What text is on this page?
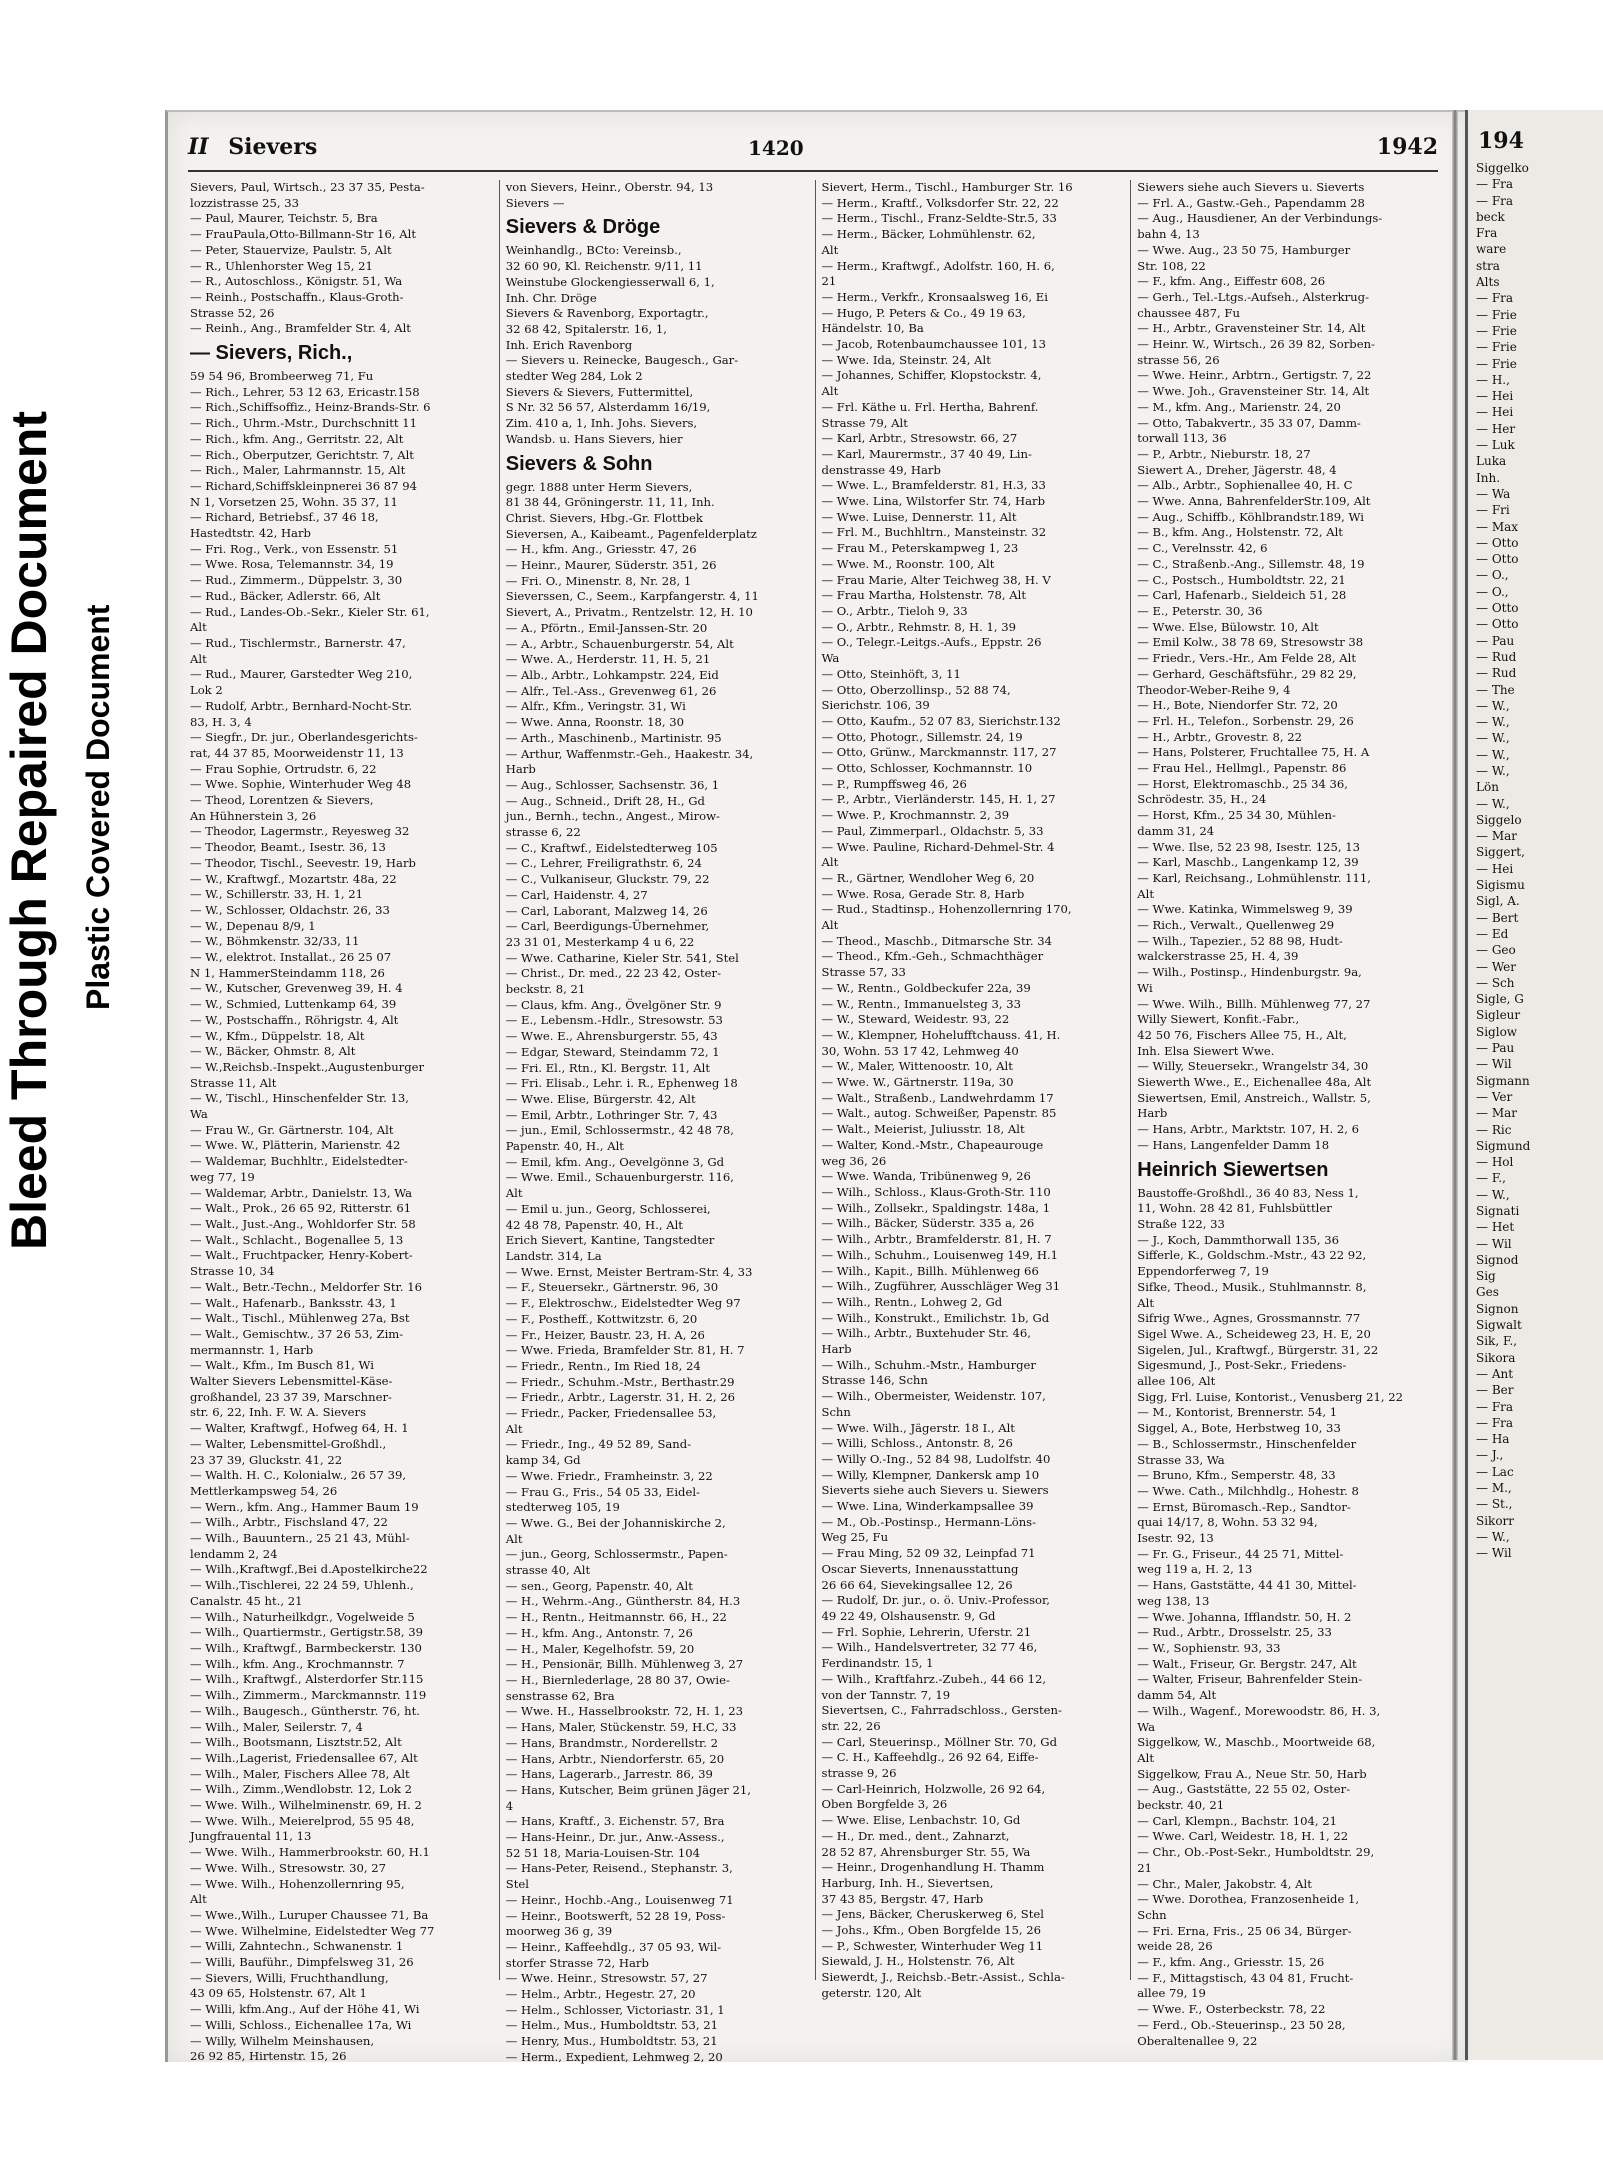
Bleed Through Repaired Document Plastic Covered Document
II Sievers	1420	1942
Sievers, Paul, Wirtsch., 23 37 35, Pesta-
lozzistrasse 25, 33
— Paul, Maurer, Teichstr. 5, Bra
— FrauPaula,Otto-Billmann-Str 16, Alt
— Peter, Stauervize, Paulstr. 5, Alt
— R., Uhlenhorster Weg 15, 21
— R., Autoschloss., Königstr. 51, Wa
— Reinh., Postschaffn., Klaus-Groth-
Strasse 52, 26
— Reinh., Ang., Bramfelder Str. 4, Alt
— Sievers, Rich.,
59 54 96, Brombeerweg 71, Fu
— Rich., Lehrer, 53 12 63, Ericastr.158
— Rich.,Schiffsoffiz., Heinz-Brands-Str. 6
— Rich., Uhrm.-Mstr., Durchschnitt 11
— Rich., kfm. Ang., Gerritstr. 22, Alt
— Rich., Oberputzer, Gerichtstr. 7, Alt
— Rich., Maler, Lahrmannstr. 15, Alt
— Richard,Schiffskleinpnerei 36 87 94
N 1, Vorsetzen 25, Wohn. 35 37, 11
— Richard, Betriebsf., 37 46 18,
Hastedtstr. 42, Harb
— Fri. Rog., Verk., von Essenstr. 51
— Wwe. Rosa, Telemannstr. 34, 19
— Rud., Zimmerm., Düppelstr. 3, 30
— Rud., Bäcker, Adlerstr. 66, Alt
— Rud., Landes-Ob.-Sekr., Kieler Str. 61,
Alt
— Rud., Tischlermstr., Barnerstr. 47,
Alt
— Rud., Maurer, Garstedter Weg 210,
Lok 2
— Rudolf, Arbtr., Bernhard-Nocht-Str.
83, H. 3, 4
— Siegfr., Dr. jur., Oberlandesgerichts-
rat, 44 37 85, Moorweidenstr 11, 13
— Frau Sophie, Ortrudstr. 6, 22
— Wwe. Sophie, Winterhuder Weg 48
— Theod, Lorentzen & Sievers,
An Hühnerstein 3, 26
— Theodor, Lagermstr., Reyesweg 32
— Theodor, Beamt., Isestr. 36, 13
— Theodor, Tischl., Seevestr. 19, Harb
— W., Kraftwgf., Mozartstr. 48a, 22
— W., Schillerstr. 33, H. 1, 21
— W., Schlosser, Oldachstr. 26, 33
— W., Depenau 8/9, 1
— W., Böhmkenstr. 32/33, 11
— W., elektrot. Installat., 26 25 07
N 1, HammerSteindamm 118, 26
— W., Kutscher, Grevenweg 39, H. 4
— W., Schmied, Luttenkamp 64, 39
— W., Postschaffn., Röhrigstr. 4, Alt
— W., Kfm., Düppelstr. 18, Alt
— W., Bäcker, Ohmstr. 8, Alt
— W.,Reichsb.-Inspekt.,Augustenburger
Strasse 11, Alt
— W., Tischl., Hinschenfelder Str. 13,
Wa
— Frau W., Gr. Gärtnerstr. 104, Alt
— Wwe. W., Plätterin, Marienstr. 42
— Waldemar, Buchhltr., Eidelstedter-
weg 77, 19
— Waldemar, Arbtr., Danielstr. 13, Wa
— Walt., Prok., 26 65 92, Ritterstr. 61
— Walt., Just.-Ang., Wohldorfer Str. 58
— Walt., Schlacht., Bogenallee 5, 13
— Walt., Fruchtpacker, Henry-Kobert-
Strasse 10, 34
— Walt., Betr.-Techn., Meldorfer Str. 16
— Walt., Hafenarb., Banksstr. 43, 1
— Walt., Tischl., Mühlenweg 27a, Bst
— Walt., Gemischtw., 37 26 53, Zim-
mermannstr. 1, Harb
— Walt., Kfm., Im Busch 81, Wi
Walter Sievers Lebensmittel-Käse-
großhandel, 23 37 39, Marschner-
str. 6, 22, Inh. F. W. A. Sievers
— Walter, Kraftwgf., Hofweg 64, H. 1
— Walter, Lebensmittel-Großhdl.,
23 37 39, Gluckstr. 41, 22
— Walth. H. C., Kolonialw., 26 57 39,
Mettlerkampsweg 54, 26
— Wern., kfm. Ang., Hammer Baum 19
— Wilh., Arbtr., Fischsland 47, 22
— Wilh., Bauuntern., 25 21 43, Mühl-
lendamm 2, 24
— Wilh.,Kraftwgf.,Bei d.Apostelkirche22
— Wilh.,Tischlerei, 22 24 59, Uhlenh.,
Canalstr. 45 ht., 21
— Wilh., Naturheilkdgr., Vogelweide 5
— Wilh., Quartiermstr., Gertigstr.58, 39
— Wilh., Kraftwgf., Barmbeckerstr. 130
— Wilh., kfm. Ang., Krochmannstr. 7
— Wilh., Kraftwgf., Alsterdorfer Str.115
— Wilh., Zimmerm., Marckmannstr. 119
— Wilh., Baugesch., Güntherstr. 76, ht.
— Wilh., Maler, Seilerstr. 7, 4
— Wilh., Bootsmann, Lisztstr.52, Alt
— Wilh.,Lagerist, Friedensallee 67, Alt
— Wilh., Maler, Fischers Allee 78, Alt
— Wilh., Zimm.,Wendlobstr. 12, Lok 2
— Wwe. Wilh., Wilhelminenstr. 69, H. 2
— Wwe. Wilh., Meierelprod, 55 95 48,
Jungfrauental 11, 13
— Wwe. Wilh., Hammerbrookstr. 60, H.1
— Wwe. Wilh., Stresowstr. 30, 27
— Wwe. Wilh., Hohenzollernring 95,
Alt
— Wwe.,Wilh., Luruper Chaussee 71, Ba
— Wwe. Wilhelmine, Eidelstedter Weg 77
— Willi, Zahntechn., Schwanenstr. 1
— Willi, Bauführ., Dimpfelsweg 31, 26
— Sievers, Willi, Fruchthandlung,
43 09 65, Holstenstr. 67, Alt 1
— Willi, kfm.Ang., Auf der Höhe 41, Wi
— Willi, Schloss., Eichenallee 17a, Wi
— Willy, Wilhelm Meinshausen,
26 92 85, Hirtenstr. 15, 26
von Sievers, Heinr., Oberstr. 94, 13
Sievers —
Sievers & Dröge
Weinhandlg., BCto: Vereinsb.,
32 60 90, Kl. Reichenstr. 9/11, 11
Weinstube Glockengiesserwall 6, 1,
Inh. Chr. Dröge
Sievers & Ravenborg, Exportagtr.,
32 68 42, Spitalerstr. 16, 1,
Inh. Erich Ravenborg
— Sievers u. Reinecke, Baugesch., Gar-
stedter Weg 284, Lok 2
Sievers & Sievers, Futtermittel,
S Nr. 32 56 57, Alsterdamm 16/19,
Zim. 410 a, 1, Inh. Johs. Sievers,
Wandsb. u. Hans Sievers, hier
Sievers & Sohn
gegr. 1888 unter Herm Sievers,
81 38 44, Gröningerstr. 11, 11, Inh.
Christ. Sievers, Hbg.-Gr. Flottbek
Sieversen, A., Kaibeamt., Pagenfelderplatz
— H., kfm. Ang., Griesstr. 47, 26
— Heinr., Maurer, Süderstr. 351, 26
— Fri. O., Minenstr. 8, Nr. 28, 1
Sieverssen, C., Seem., Karpfangerstr. 4, 11
Sievert, A., Privatm., Rentzelstr. 12, H. 10
— A., Pförtn., Emil-Janssen-Str. 20
— A., Arbtr., Schauenburgerstr. 54, Alt
— Wwe. A., Herderstr. 11, H. 5, 21
— Alb., Arbtr., Lohkampstr. 224, Eid
— Alfr., Tel.-Ass., Grevenweg 61, 26
— Alfr., Kfm., Veringstr. 31, Wi
— Wwe. Anna, Roonstr. 18, 30
— Arth., Maschinenb., Martinistr. 95
— Arthur, Waffenmstr.-Geh., Haakestr. 34,
Harb
— Aug., Schlosser, Sachsenstr. 36, 1
— Aug., Schneid., Drift 28, H., Gd
jun., Bernh., techn., Angest., Mirow-
strasse 6, 22
— C., Kraftwf., Eidelstedterweg 105
— C., Lehrer, Freiligrathstr. 6, 24
— C., Vulkaniseur, Gluckstr. 79, 22
— Carl, Haidenstr. 4, 27
— Carl, Laborant, Malzweg 14, 26
— Carl, Beerdigungs-Übernehmer,
23 31 01, Mesterkamp 4 u 6, 22
— Wwe. Catharine, Kieler Str. 541, Stel
— Christ., Dr. med., 22 23 42, Oster-
beckstr. 8, 21
— Claus, kfm. Ang., Övelgöner Str. 9
— E., Lebensm.-Hdlr., Stresowstr. 53
— Wwe. E., Ahrensburgerstr. 55, 43
— Edgar, Steward, Steindamm 72, 1
— Fri. El., Rtn., Kl. Bergstr. 11, Alt
— Fri. Elisab., Lehr. i. R., Ephenweg 18
— Wwe. Elise, Bürgerstr. 42, Alt
— Emil, Arbtr., Lothringer Str. 7, 43
— jun., Emil, Schlossermstr., 42 48 78,
Papenstr. 40, H., Alt
— Emil, kfm. Ang., Oevelgönne 3, Gd
— Wwe. Emil., Schauenburgerstr. 116,
Alt
— Emil u. jun., Georg, Schlosserei,
42 48 78, Papenstr. 40, H., Alt
Erich Sievert, Kantine, Tangstedter
Landstr. 314, La
— Wwe. Ernst, Meister Bertram-Str. 4, 33
— F., Steuersekr., Gärtnerstr. 96, 30
— F., Elektroschw., Eidelstedter Weg 97
— F., Postheff., Kottwitzstr. 6, 20
— Fr., Heizer, Baustr. 23, H. A, 26
— Wwe. Frieda, Bramfelder Str. 81, H. 7
— Friedr., Rentn., Im Ried 18, 24
— Friedr., Schuhm.-Mstr., Berthastr.29
— Friedr., Arbtr., Lagerstr. 31, H. 2, 26
— Friedr., Packer, Friedensallee 53,
Alt
— Friedr., Ing., 49 52 89, Sand-
kamp 34, Gd
— Wwe. Friedr., Framheinstr. 3, 22
— Frau G., Fris., 54 05 33, Eidel-
stedterweg 105, 19
— Wwe. G., Bei der Johanniskirche 2,
Alt
— jun., Georg, Schlossermstr., Papen-
strasse 40, Alt
— sen., Georg, Papenstr. 40, Alt
— H., Wehrm.-Ang., Güntherstr. 84, H.3
— H., Rentn., Heitmannstr. 66, H., 22
— H., kfm. Ang., Antonstr. 7, 26
— H., Maler, Kegelhofstr. 59, 20
— H., Pensionär, Billh. Mühlenweg 3, 27
— H., Biernlederlage, 28 80 37, Owie-
senstrasse 62, Bra
— Wwe. H., Hasselbrookstr. 72, H. 1, 23
— Hans, Maler, Stückenstr. 59, H.C, 33
— Hans, Brandmstr., Norderellstr. 2
— Hans, Arbtr., Niendorferstr. 65, 20
— Hans, Lagerarb., Jarrestr. 86, 39
— Hans, Kutscher, Beim grünen Jäger 21,
4
— Hans, Kraftf., 3. Eichenstr. 57, Bra
— Hans-Heinr., Dr. jur., Anw.-Assess.,
52 51 18, Maria-Louisen-Str. 104
— Hans-Peter, Reisend., Stephanstr. 3,
Stel
— Heinr., Hochb.-Ang., Louisenweg 71
— Heinr., Bootswerft, 52 28 19, Poss-
moorweg 36 g, 39
— Heinr., Kaffeehdlg., 37 05 93, Wil-
storfer Strasse 72, Harb
— Wwe. Heinr., Stresowstr. 57, 27
— Helm., Arbtr., Hegestr. 27, 20
— Helm., Schlosser, Victoriastr. 31, 1
— Helm., Mus., Humboldtstr. 53, 21
— Henry, Mus., Humboldtstr. 53, 21
— Herm., Expedient, Lehmweg 2, 20
Sievert, Herm., Tischl., Hamburger Str. 16
— Herm., Kraftf., Volksdorfer Str. 22, 22
— Herm., Tischl., Franz-Seldte-Str.5, 33
— Herm., Bäcker, Lohmühlenstr. 62,
Alt
— Herm., Kraftwgf., Adolfstr. 160, H. 6,
21
— Herm., Verkfr., Kronsaalsweg 16, Ei
— Hugo, P. Peters & Co., 49 19 63,
Händelstr. 10, Ba
— Jacob, Rotenbaumchaussee 101, 13
— Wwe. Ida, Steinstr. 24, Alt
— Johannes, Schiffer, Klopstockstr. 4,
Alt
— Frl. Käthe u. Frl. Hertha, Bahrenf.
Strasse 79, Alt
— Karl, Arbtr., Stresowstr. 66, 27
— Karl, Maurermstr., 37 40 49, Lin-
denstrasse 49, Harb
— Wwe. L., Bramfelderstr. 81, H.3, 33
— Wwe. Lina, Wilstorfer Str. 74, Harb
— Wwe. Luise, Dennerstr. 11, Alt
— Frl. M., Buchhltrn., Mansteinstr. 32
— Frau M., Peterskampweg 1, 23
— Wwe. M., Roonstr. 100, Alt
— Frau Marie, Alter Teichweg 38, H. V
— Frau Martha, Holstenstr. 78, Alt
— O., Arbtr., Tieloh 9, 33
— O., Arbtr., Rehmstr. 8, H. 1, 39
— O., Telegr.-Leitgs.-Aufs., Eppstr. 26
Wa
— Otto, Steinhöft, 3, 11
— Otto, Oberzollinsp., 52 88 74,
Sierichstr. 106, 39
— Otto, Kaufm., 52 07 83, Sierichstr.132
— Otto, Photogr., Sillemstr. 24, 19
— Otto, Grünw., Marckmannstr. 117, 27
— Otto, Schlosser, Kochmannstr. 10
— P., Rumpffsweg 46, 26
— P., Arbtr., Vierländerstr. 145, H. 1, 27
— Wwe. P., Krochmannstr. 2, 39
— Paul, Zimmerparl., Oldachstr. 5, 33
— Wwe. Pauline, Richard-Dehmel-Str. 4
Alt
— R., Gärtner, Wendloher Weg 6, 20
— Wwe. Rosa, Gerade Str. 8, Harb
— Rud., Stadtinsp., Hohenzollernring 170,
Alt
— Theod., Maschb., Ditmarsche Str. 34
— Theod., Kfm.-Geh., Schmachthäger
Strasse 57, 33
— W., Rentn., Goldbeckufer 22a, 39
— W., Rentn., Immanuelsteg 3, 33
— W., Steward, Weidestr. 93, 22
— W., Klempner, Hohelufftchauss. 41, H.
30, Wohn. 53 17 42, Lehmweg 40
— W., Maler, Wittenoostr. 10, Alt
— Wwe. W., Gärtnerstr. 119a, 30
— Walt., Straßenb., Landwehrdamm 17
— Walt., autog. Schweißer, Papenstr. 85
— Walt., Meierist, Juliusstr. 18, Alt
— Walter, Kond.-Mstr., Chapeaurouge
weg 36, 26
— Wwe. Wanda, Tribünenweg 9, 26
— Wilh., Schloss., Klaus-Groth-Str. 110
— Wilh., Zollsekr., Spaldingstr. 148a, 1
— Wilh., Bäcker, Süderstr. 335 a, 26
— Wilh., Arbtr., Bramfelderstr. 81, H. 7
— Wilh., Schuhm., Louisenweg 149, H.1
— Wilh., Kapit., Billh. Mühlenweg 66
— Wilh., Zugführer, Ausschläger Weg 31
— Wilh., Rentn., Lohweg 2, Gd
— Wilh., Konstrukt., Emilichstr. 1b, Gd
— Wilh., Arbtr., Buxtehuder Str. 46,
Harb
— Wilh., Schuhm.-Mstr., Hamburger
Strasse 146, Schn
— Wilh., Obermeister, Weidenstr. 107,
Schn
— Wwe. Wilh., Jägerstr. 18 I., Alt
— Willi, Schloss., Antonstr. 8, 26
— Willy O.-Ing., 52 84 98, Ludolfstr. 40
— Willy, Klempner, Dankersk amp 10
Sieverts siehe auch Sievers u. Siewers
— Wwe. Lina, Winderkampsallee 39
— M., Ob.-Postinsp., Hermann-Löns-
Weg 25, Fu
— Frau Ming, 52 09 32, Leinpfad 71
Oscar Sieverts, Innenausstattung
26 66 64, Sievekingsallee 12, 26
— Rudolf, Dr. jur., o. ö. Univ.-Professor,
49 22 49, Olshausenstr. 9, Gd
— Frl. Sophie, Lehrerin, Uferstr. 21
— Wilh., Handelsvertreter, 32 77 46,
Ferdinandstr. 15, 1
— Wilh., Kraftfahrz.-Zubeh., 44 66 12,
von der Tannstr. 7, 19
Sievertsen, C., Fahrradschloss., Gersten-
str. 22, 26
— Carl, Steuerinsp., Möllner Str. 70, Gd
— C. H., Kaffeehdlg., 26 92 64, Eiffe-
strasse 9, 26
— Carl-Heinrich, Holzwolle, 26 92 64,
Oben Borgfelde 3, 26
— Wwe. Elise, Lenbachstr. 10, Gd
— H., Dr. med., dent., Zahnarzt,
28 52 87, Ahrensburger Str. 55, Wa
— Heinr., Drogenhandlung H. Thamm
Harburg, Inh. H., Sievertsen,
37 43 85, Bergstr. 47, Harb
— Jens, Bäcker, Cheruskerweg 6, Stel
— Johs., Kfm., Oben Borgfelde 15, 26
— P., Schwester, Winterhuder Weg 11
Siewald, J. H., Holstenstr. 76, Alt
Siewerdt, J., Reichsb.-Betr.-Assist., Schla-
geterstr. 120, Alt
Siewers siehe auch Sievers u. Sieverts
— Frl. A., Gastw.-Geh., Papendamm 28
— Aug., Hausdiener, An der Verbindungs-
bahn 4, 13
— Wwe. Aug., 23 50 75, Hamburger
Str. 108, 22
— F., kfm. Ang., Eiffestr 608, 26
— Gerh., Tel.-Ltgs.-Aufseh., Alsterkrug-
chaussee 487, Fu
— H., Arbtr., Gravensteiner Str. 14, Alt
— Heinr. W., Wirtsch., 26 39 82, Sorben-
strasse 56, 26
— Wwe. Heinr., Arbtrn., Gertigstr. 7, 22
— Wwe. Joh., Gravensteiner Str. 14, Alt
— M., kfm. Ang., Marienstr. 24, 20
— Otto, Tabakvertr., 35 33 07, Damm-
torwall 113, 36
— P., Arbtr., Nieburstr. 18, 27
Siewert A., Dreher, Jägerstr. 48, 4
— Alb., Arbtr., Sophienallee 40, H. C
— Wwe. Anna, BahrenfelderStr.109, Alt
— Aug., Schiffb., Köhlbrandstr.189, Wi
— B., kfm. Ang., Holstenstr. 72, Alt
— C., Verelnsstr. 42, 6
— C., Straßenb.-Ang., Sillemstr. 48, 19
— C., Postsch., Humboldtstr. 22, 21
— Carl, Hafenarb., Sieldeich 51, 28
— E., Peterstr. 30, 36
— Wwe. Else, Bülowstr. 10, Alt
— Emil Kolw., 38 78 69, Stresowstr 38
— Friedr., Vers.-Hr., Am Felde 28, Alt
— Gerhard, Geschäftsführ., 29 82 29,
Theodor-Weber-Reihe 9, 4
— H., Bote, Niendorfer Str. 72, 20
— Frl. H., Telefon., Sorbenstr. 29, 26
— H., Arbtr., Grovestr. 8, 22
— Hans, Polsterer, Fruchtallee 75, H. A
— Frau Hel., Hellmgl., Papenstr. 86
— Horst, Elektromaschb., 25 34 36,
Schrödestr. 35, H., 24
— Horst, Kfm., 25 34 30, Mühlen-
damm 31, 24
— Wwe. Ilse, 52 23 98, Isestr. 125, 13
— Karl, Maschb., Langenkamp 12, 39
— Karl, Reichsang., Lohmühlenstr. 111,
Alt
— Wwe. Katinka, Wimmelsweg 9, 39
— Rich., Verwalt., Quellenweg 29
— Wilh., Tapezier., 52 88 98, Hudt-
walckerstrasse 25, H. 4, 39
— Wilh., Postinsp., Hindenburgstr. 9a,
Wi
— Wwe. Wilh., Billh. Mühlenweg 77, 27
Willy Siewert, Konfit.-Fabr.,
42 50 76, Fischers Allee 75, H., Alt,
Inh. Elsa Siewert Wwe.
— Willy, Steuersekr., Wrangelstr 34, 30
Siewerth Wwe., E., Eichenallee 48a, Alt
Siewertsen, Emil, Anstreich., Wallstr. 5,
Harb
— Hans, Arbtr., Marktstr. 107, H. 2, 6
— Hans, Langenfelder Damm 18
Heinrich Siewertsen
Baustoffe-Großhdl., 36 40 83, Ness 1,
11, Wohn. 28 42 81, Fuhlsbüttler
Straße 122, 33
— J., Koch, Dammthorwall 135, 36
Sifferle, K., Goldschm.-Mstr., 43 22 92,
Eppendorferweg 7, 19
Sifke, Theod., Musik., Stuhlmannstr. 8,
Alt
Sifrig Wwe., Agnes, Grossmannstr. 77
Sigel Wwe. A., Scheideweg 23, H. E, 20
Sigelen, Jul., Kraftwgf., Bürgerstr. 31, 22
Sigesmund, J., Post-Sekr., Friedens-
allee 106, Alt
Sigg, Frl. Luise, Kontorist., Venusberg 21, 22
— M., Kontorist, Brennerstr. 54, 1
Siggel, A., Bote, Herbstweg 10, 33
— B., Schlossermstr., Hinschenfelder
Strasse 33, Wa
— Bruno, Kfm., Semperstr. 48, 33
— Wwe. Cath., Milchhdlg., Hohestr. 8
— Ernst, Büromasch.-Rep., Sandtor-
quai 14/17, 8, Wohn. 53 32 94,
Isestr. 92, 13
— Fr. G., Friseur., 44 25 71, Mittel-
weg 119 a, H. 2, 13
— Hans, Gaststätte, 44 41 30, Mittel-
weg 138, 13
— Wwe. Johanna, Ifflandstr. 50, H. 2
— Rud., Arbtr., Drosselstr. 25, 33
— W., Sophienstr. 93, 33
— Walt., Friseur, Gr. Bergstr. 247, Alt
— Walter, Friseur, Bahrenfelder Stein-
damm 54, Alt
— Wilh., Wagenf., Morewoodstr. 86, H. 3,
Wa
Siggelkow, W., Maschb., Moortweide 68,
Alt
Siggelkow, Frau A., Neue Str. 50, Harb
— Aug., Gaststätte, 22 55 02, Oster-
beckstr. 40, 21
— Carl, Klempn., Bachstr. 104, 21
— Wwe. Carl, Weidestr. 18, H. 1, 22
— Chr., Ob.-Post-Sekr., Humboldtstr. 29,
21
— Chr., Maler, Jakobstr. 4, Alt
— Wwe. Dorothea, Franzosenheide 1,
Schn
— Fri. Erna, Fris., 25 06 34, Bürger-
weide 28, 26
— F., kfm. Ang., Griesstr. 15, 26
— F., Mittagstisch, 43 04 81, Frucht-
allee 79, 19
— Wwe. F., Osterbeckstr. 78, 22
— Ferd., Ob.-Steuerinsp., 23 50 28,
Oberaltenallee 9, 22
194
Siggelko
— Fra
— Fra
beck
Fra
ware
stra
Alts
— Fra
— Frie
— Frie
— Frie
— Frie
— H.,
— Hei
— Hei
— Her
— Luk
Luka
Inh.
— Wa
— Fri
— Max
— Otto
— Otto
— O.,
— O.,
— Otto
— Otto
— Pau
— Rud
— Rud
— The
— W.,
— W.,
— W.,
— W.,
— W.,
Lön
— W.,
Siggelo
— Mar
Siggert,
— Hei
Sigismu
Sigl, A.
— Bert
— Ed
— Geo
— Wer
— Sch
Sigle, G
Sigleur
Siglow
— Pau
— Wil
Sigmann
— Ver
— Mar
— Ric
Sigmund
— Hol
— F.,
— W.,
Signati
— Het
— Wil
Signod
Sig
Ges
Signon
Sigwalt
Sik, F.,
Sikora
— Ant
— Ber
— Fra
— Fra
— Ha
— J.,
— Lac
— M.,
— St.,
Sikorr
— W.,
— Wil
